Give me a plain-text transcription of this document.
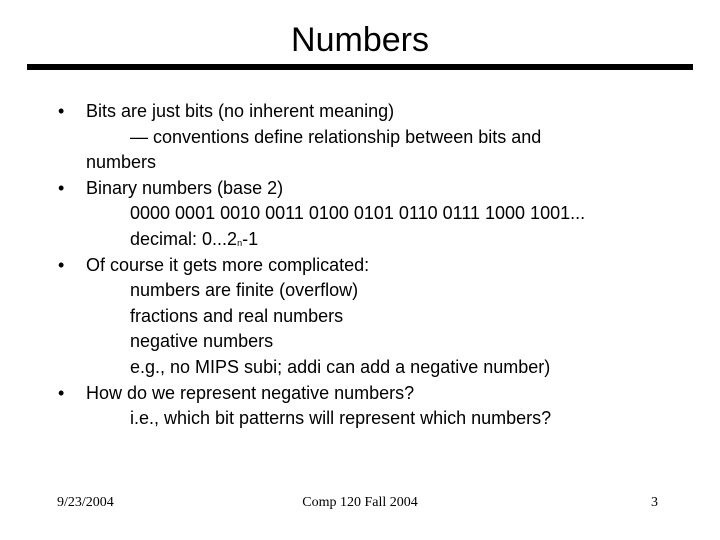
Numbers
• Bits are just bits (no inherent meaning)
— conventions define relationship between bits and
numbers
• Binary numbers (base 2)
0000 0001 0010 0011 0100 0101 0110 0111 1000 1001...
decimal: 0...2$^n$-1
• Of course it gets more complicated:
numbers are finite (overflow)
fractions and real numbers
negative numbers
e.g., no MIPS subi; addi can add a negative number)
• How do we represent negative numbers?
i.e., which bit patterns will represent which numbers?
9/23/2004	Comp 120 Fall 2004	3
